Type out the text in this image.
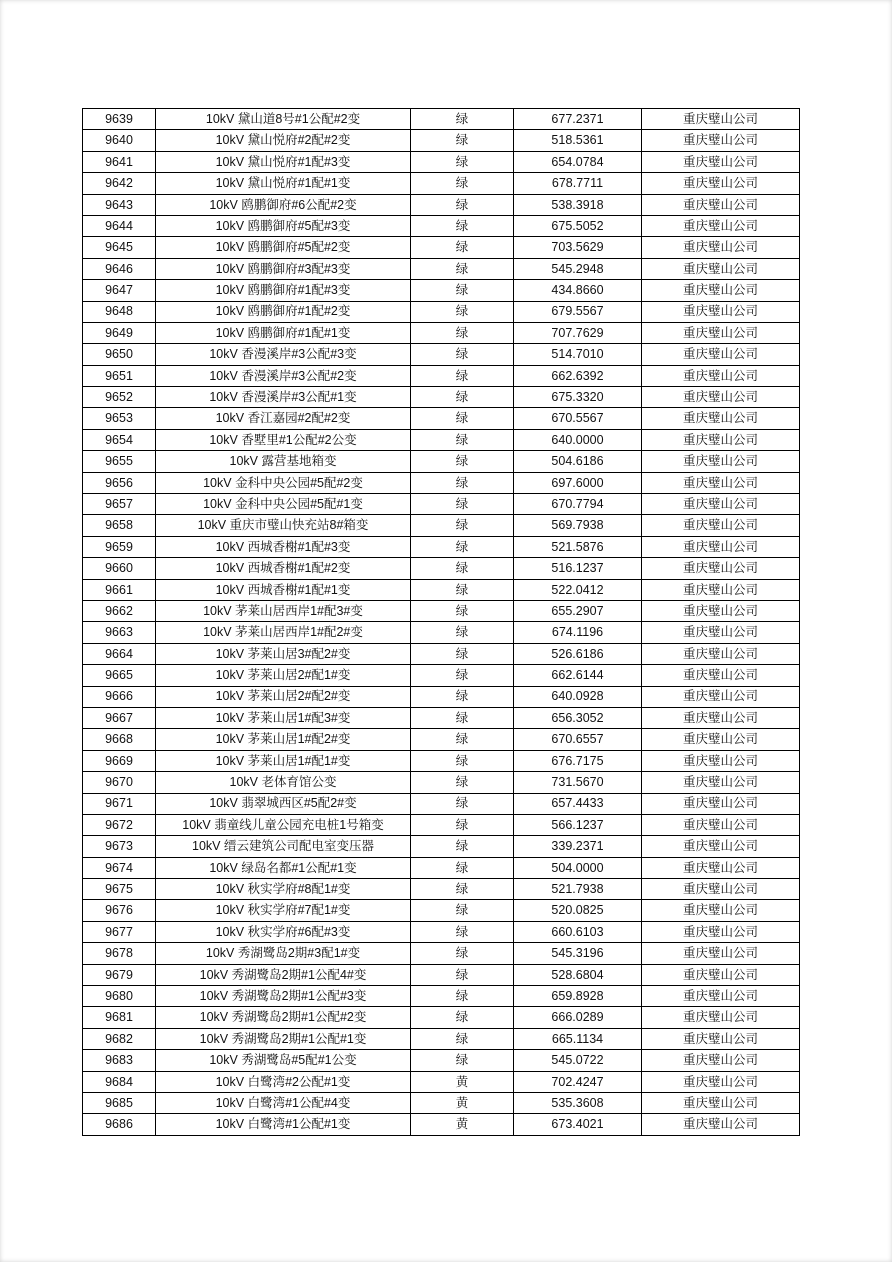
9639	10kV 黛山道8号#1公配#2变	绿	677.2371	重庆璧山公司
9640	10kV 黛山悦府#2配#2变	绿	518.5361	重庆璧山公司
9641	10kV 黛山悦府#1配#3变	绿	654.0784	重庆璧山公司
9642	10kV 黛山悦府#1配#1变	绿	678.7711	重庆璧山公司
9643	10kV 鸥鹏御府#6公配#2变	绿	538.3918	重庆璧山公司
9644	10kV 鸥鹏御府#5配#3变	绿	675.5052	重庆璧山公司
9645	10kV 鸥鹏御府#5配#2变	绿	703.5629	重庆璧山公司
9646	10kV 鸥鹏御府#3配#3变	绿	545.2948	重庆璧山公司
9647	10kV 鸥鹏御府#1配#3变	绿	434.8660	重庆璧山公司
9648	10kV 鸥鹏御府#1配#2变	绿	679.5567	重庆璧山公司
9649	10kV 鸥鹏御府#1配#1变	绿	707.7629	重庆璧山公司
9650	10kV 香漫溪岸#3公配#3变	绿	514.7010	重庆璧山公司
9651	10kV 香漫溪岸#3公配#2变	绿	662.6392	重庆璧山公司
9652	10kV 香漫溪岸#3公配#1变	绿	675.3320	重庆璧山公司
9653	10kV 香江嘉园#2配#2变	绿	670.5567	重庆璧山公司
9654	10kV 香墅里#1公配#2公变	绿	640.0000	重庆璧山公司
9655	10kV 露营基地箱变	绿	504.6186	重庆璧山公司
9656	10kV 金科中央公园#5配#2变	绿	697.6000	重庆璧山公司
9657	10kV 金科中央公园#5配#1变	绿	670.7794	重庆璧山公司
9658	10kV 重庆市璧山快充站8#箱变	绿	569.7938	重庆璧山公司
9659	10kV 西城香榭#1配#3变	绿	521.5876	重庆璧山公司
9660	10kV 西城香榭#1配#2变	绿	516.1237	重庆璧山公司
9661	10kV 西城香榭#1配#1变	绿	522.0412	重庆璧山公司
9662	10kV 茅莱山居西岸1#配3#变	绿	655.2907	重庆璧山公司
9663	10kV 茅莱山居西岸1#配2#变	绿	674.1196	重庆璧山公司
9664	10kV 茅莱山居3#配2#变	绿	526.6186	重庆璧山公司
9665	10kV 茅莱山居2#配1#变	绿	662.6144	重庆璧山公司
9666	10kV 茅莱山居2#配2#变	绿	640.0928	重庆璧山公司
9667	10kV 茅莱山居1#配3#变	绿	656.3052	重庆璧山公司
9668	10kV 茅莱山居1#配2#变	绿	670.6557	重庆璧山公司
9669	10kV 茅莱山居1#配1#变	绿	676.7175	重庆璧山公司
9670	10kV 老体育馆公变	绿	731.5670	重庆璧山公司
9671	10kV 翡翠城西区#5配2#变	绿	657.4433	重庆璧山公司
9672	10kV 翡童线儿童公园充电桩1号箱变	绿	566.1237	重庆璧山公司
9673	10kV 缙云建筑公司配电室变压器	绿	339.2371	重庆璧山公司
9674	10kV 绿岛名都#1公配#1变	绿	504.0000	重庆璧山公司
9675	10kV 秋实学府#8配1#变	绿	521.7938	重庆璧山公司
9676	10kV 秋实学府#7配1#变	绿	520.0825	重庆璧山公司
9677	10kV 秋实学府#6配#3变	绿	660.6103	重庆璧山公司
9678	10kV 秀湖鹭岛2期#3配1#变	绿	545.3196	重庆璧山公司
9679	10kV 秀湖鹭岛2期#1公配4#变	绿	528.6804	重庆璧山公司
9680	10kV 秀湖鹭岛2期#1公配#3变	绿	659.8928	重庆璧山公司
9681	10kV 秀湖鹭岛2期#1公配#2变	绿	666.0289	重庆璧山公司
9682	10kV 秀湖鹭岛2期#1公配#1变	绿	665.1134	重庆璧山公司
9683	10kV 秀湖鹭岛#5配#1公变	绿	545.0722	重庆璧山公司
9684	10kV 白鹭湾#2公配#1变	黄	702.4247	重庆璧山公司
9685	10kV 白鹭湾#1公配#4变	黄	535.3608	重庆璧山公司
9686	10kV 白鹭湾#1公配#1变	黄	673.4021	重庆璧山公司
